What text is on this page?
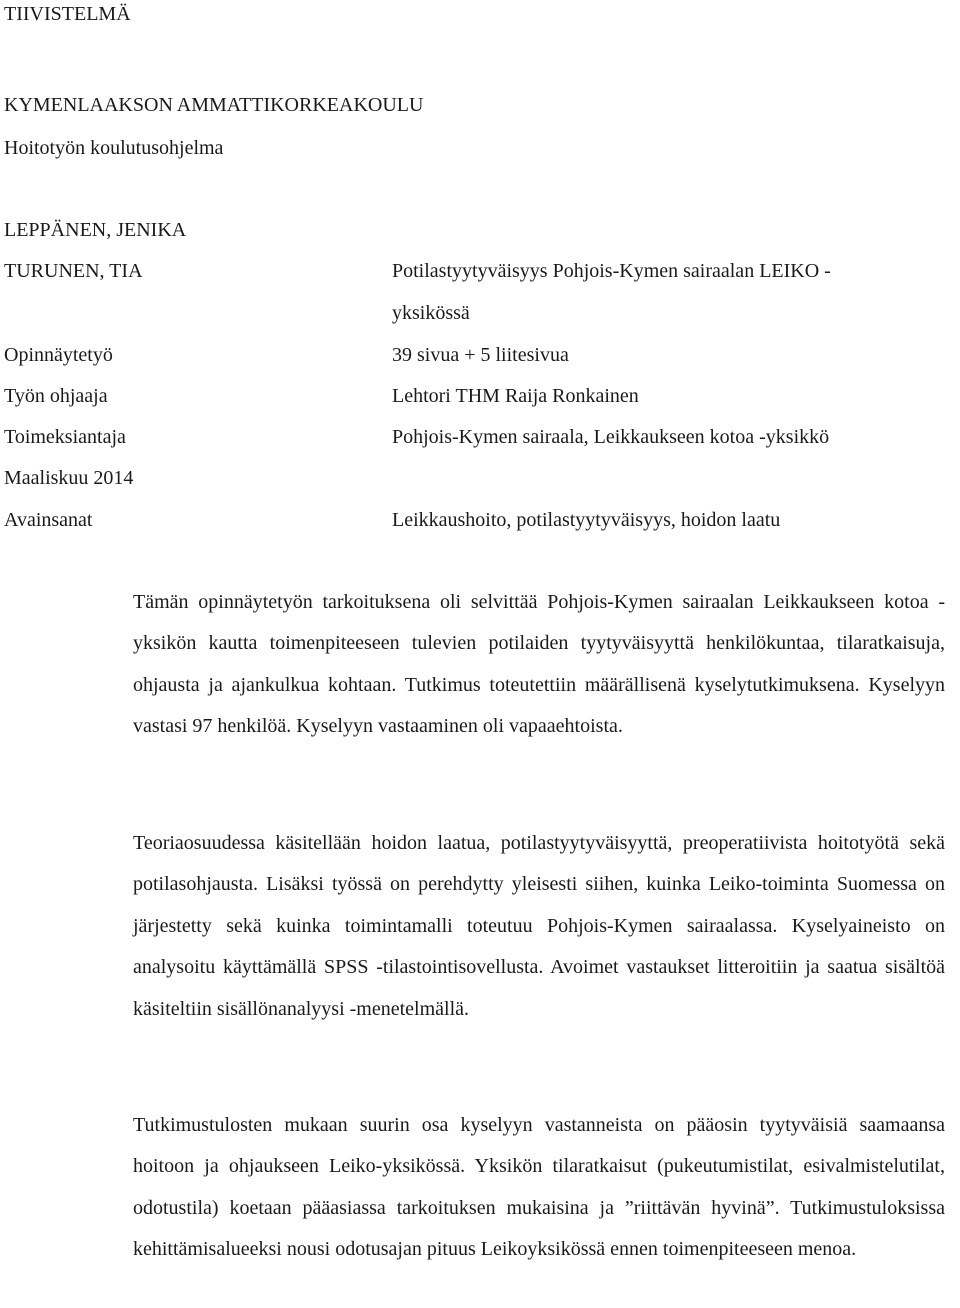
TIIVISTELMÄ
KYMENLAAKSON AMMATTIKORKEAKOULU
Hoitotyön koulutusohjelma
LEPPÄNEN, JENIKA
TURUNEN, TIA	Potilastyytyväisyys Pohjois-Kymen sairaalan LEIKO -
yksikössä
Opinnäytetyö	39 sivua + 5 liitesivua
Työn ohjaaja	Lehtori THM Raija Ronkainen
Toimeksiantaja	Pohjois-Kymen sairaala, Leikkaukseen kotoa -yksikkö
Maaliskuu 2014
Avainsanat	Leikkaushoito, potilastyytyväisyys, hoidon laatu

Tämän opinnäytetyön tarkoituksena oli selvittää Pohjois-Kymen sairaalan Leikkaukseen kotoa -yksikön kautta toimenpiteeseen tulevien potilaiden tyytyväisyyttä henkilökuntaa, tilaratkaisuja, ohjausta ja ajankulkua kohtaan. Tutkimus toteutettiin määrällisenä kyselytutkimuksena. Kyselyyn vastasi 97 henkilöä. Kyselyyn vastaaminen oli vapaaehtoista.

Teoriaosuudessa käsitellään hoidon laatua, potilastyytyväisyyttä, preoperatiivista hoitotyötä sekä potilasohjausta. Lisäksi työssä on perehdytty yleisesti siihen, kuinka Leiko-toiminta Suomessa on järjestetty sekä kuinka toimintamalli toteutuu Pohjois-Kymen sairaalassa. Kyselyaineisto on analysoitu käyttämällä SPSS -tilastointisovellusta. Avoimet vastaukset litteroitiin ja saatua sisältöä käsiteltiin sisällönanalyysi -menetelmällä.

Tutkimustulosten mukaan suurin osa kyselyyn vastanneista on pääosin tyytyväisiä saamaansa hoitoon ja ohjaukseen Leiko-yksikössä. Yksikön tilaratkaisut (pukeutumistilat, esivalmistelutilat, odotustila) koetaan pääasiassa tarkoituksen mukaisina ja ”riittävän hyvinä”. Tutkimustuloksissa kehittämisalueeksi nousi odotusajan pituus Leikoyksikössä ennen toimenpiteeseen menoa.
